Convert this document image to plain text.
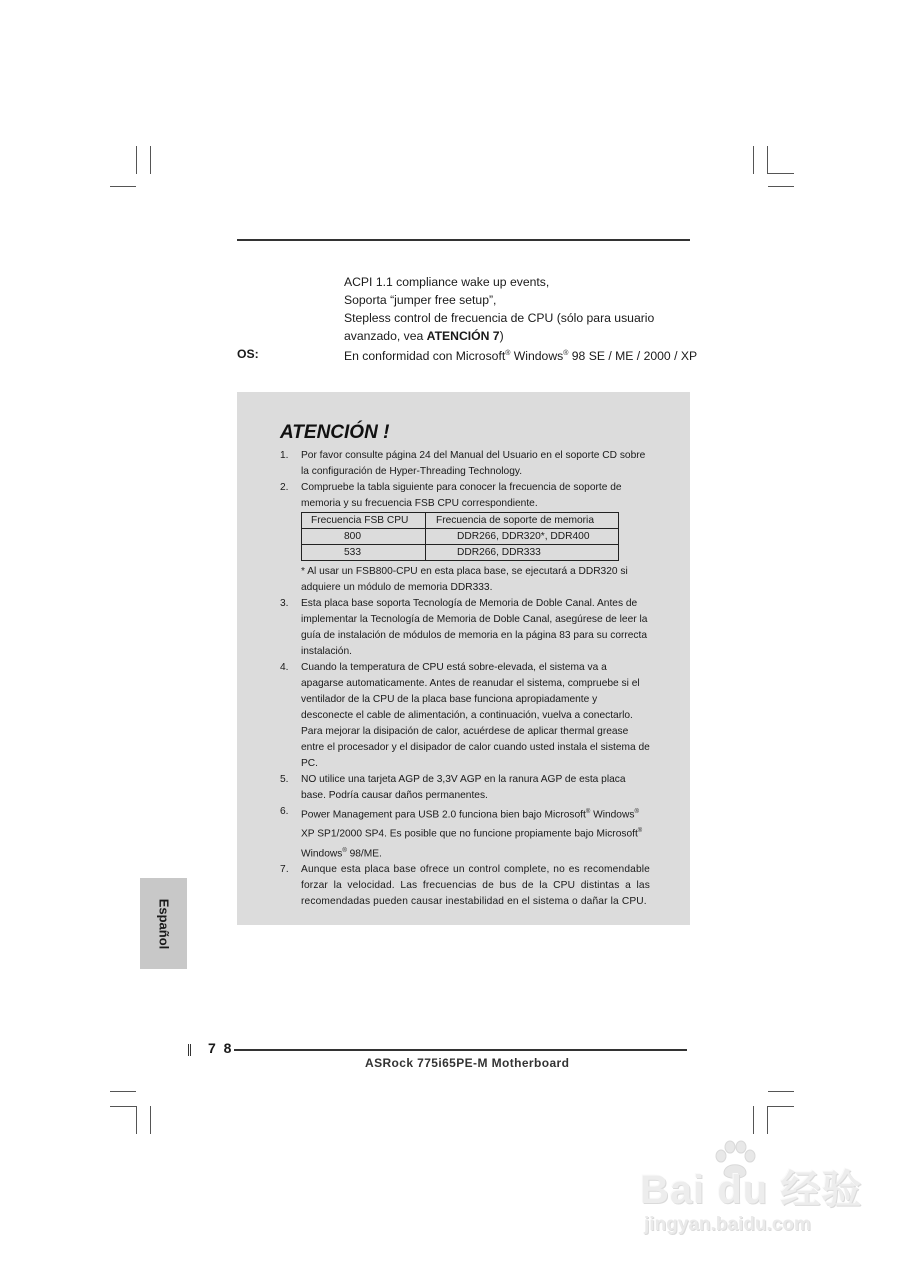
ACPI 1.1 compliance wake up events,
Soporta “jumper free setup”,
Stepless control de frecuencia de CPU (sólo para usuario
avanzado, vea ATENCIÓN 7)
OS:	En conformidad con Microsoft® Windows® 98 SE / ME / 2000 / XP
ATENCIÓN !
1. Por favor consulte página 24 del Manual del Usuario en el soporte CD sobre la configuración de Hyper-Threading Technology.
2. Compruebe la tabla siguiente para conocer la frecuencia de soporte de memoria y su frecuencia FSB CPU correspondiente.
Frecuencia FSB CPU	Frecuencia de soporte de memoria
800	DDR266, DDR320*, DDR400
533	DDR266, DDR333
* Al usar un FSB800-CPU en esta placa base, se ejecutará a DDR320 si adquiere un módulo de memoria DDR333.
3. Esta placa base soporta Tecnología de Memoria de Doble Canal. Antes de implementar la Tecnología de Memoria de Doble Canal, asegúrese de leer la guía de instalación de módulos de memoria en la página 83 para su correcta instalación.
4. Cuando la temperatura de CPU está sobre-elevada, el sistema va a apagarse automaticamente. Antes de reanudar el sistema, compruebe si el ventilador de la CPU de la placa base funciona apropiadamente y desconecte el cable de alimentación, a continuación, vuelva a conectarlo. Para mejorar la disipación de calor, acuérdese de aplicar thermal grease entre el procesador y el disipador de calor cuando usted instala el sistema de PC.
5. NO utilice una tarjeta AGP de 3,3V AGP en la ranura AGP de esta placa base. Podría causar daños permanentes.
6. Power Management para USB 2.0 funciona bien bajo Microsoft® Windows® XP SP1/2000 SP4. Es posible que no funcione propiamente bajo Microsoft® Windows® 98/ME.
7. Aunque esta placa base ofrece un control complete, no es recomendable forzar la velocidad. Las frecuencias de bus de la CPU distintas a las recomendadas pueden causar inestabilidad en el sistema o dañar la CPU.
Español
7 8
ASRock 775i65PE-M Motherboard
Bai du 经验
jingyan.baidu.com
